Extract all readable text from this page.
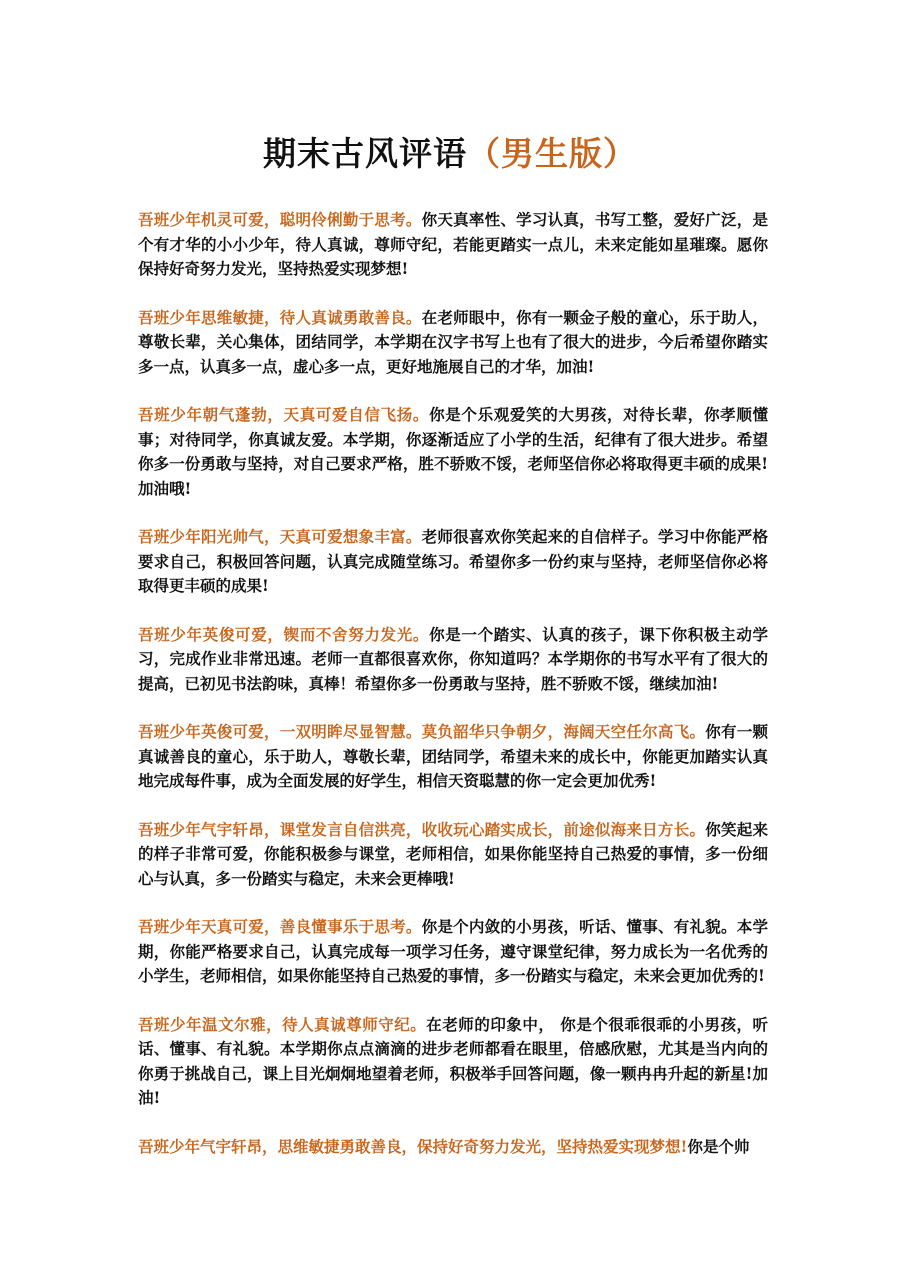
期末古风评语（男生版）

吾班少年机灵可爱，聪明伶俐勤于思考。你天真率性、学习认真，书写工整，爱好广泛，是个有才华的小小少年，待人真诚，尊师守纪，若能更踏实一点儿，未来定能如星璀璨。愿你保持好奇努力发光，坚持热爱实现梦想!

吾班少年思维敏捷，待人真诚勇敢善良。在老师眼中，你有一颗金子般的童心，乐于助人，尊敬长辈，关心集体，团结同学，本学期在汉字书写上也有了很大的进步，今后希望你踏实多一点，认真多一点，虚心多一点，更好地施展自己的才华，加油!

吾班少年朝气蓬勃，天真可爱自信飞扬。你是个乐观爱笑的大男孩，对待长辈，你孝顺懂事；对待同学，你真诚友爱。本学期，你逐渐适应了小学的生活，纪律有了很大进步。希望你多一份勇敢与坚持，对自己要求严格，胜不骄败不馁，老师坚信你必将取得更丰硕的成果!加油哦!

吾班少年阳光帅气，天真可爱想象丰富。老师很喜欢你笑起来的自信样子。学习中你能严格要求自己，积极回答问题，认真完成随堂练习。希望你多一份约束与坚持，老师坚信你必将取得更丰硕的成果!

吾班少年英俊可爱，锲而不舍努力发光。你是一个踏实、认真的孩子，课下你积极主动学习，完成作业非常迅速。老师一直都很喜欢你，你知道吗？本学期你的书写水平有了很大的提高，已初见书法韵味，真棒！希望你多一份勇敢与坚持，胜不骄败不馁，继续加油!

吾班少年英俊可爱，一双明眸尽显智慧。莫负韶华只争朝夕，海阔天空任尔高飞。你有一颗真诚善良的童心，乐于助人，尊敬长辈，团结同学，希望未来的成长中，你能更加踏实认真地完成每件事，成为全面发展的好学生，相信天资聪慧的你一定会更加优秀!

吾班少年气宇轩昂，课堂发言自信洪亮，收收玩心踏实成长，前途似海来日方长。你笑起来的样子非常可爱，你能积极参与课堂，老师相信，如果你能坚持自己热爱的事情，多一份细心与认真，多一份踏实与稳定，未来会更棒哦!

吾班少年天真可爱，善良懂事乐于思考。你是个内敛的小男孩，听话、懂事、有礼貌。本学期，你能严格要求自己，认真完成每一项学习任务，遵守课堂纪律，努力成长为一名优秀的小学生，老师相信，如果你能坚持自己热爱的事情，多一份踏实与稳定，未来会更加优秀的!

吾班少年温文尔雅，待人真诚尊师守纪。在老师的印象中， 你是个很乖很乖的小男孩，听话、懂事、有礼貌。本学期你点点滴滴的进步老师都看在眼里，倍感欣慰，尤其是当内向的你勇于挑战自己，课上目光炯炯地望着老师，积极举手回答问题，像一颗冉冉升起的新星!加油!

吾班少年气宇轩昂，思维敏捷勇敢善良，保持好奇努力发光，坚持热爱实现梦想!你是个帅
